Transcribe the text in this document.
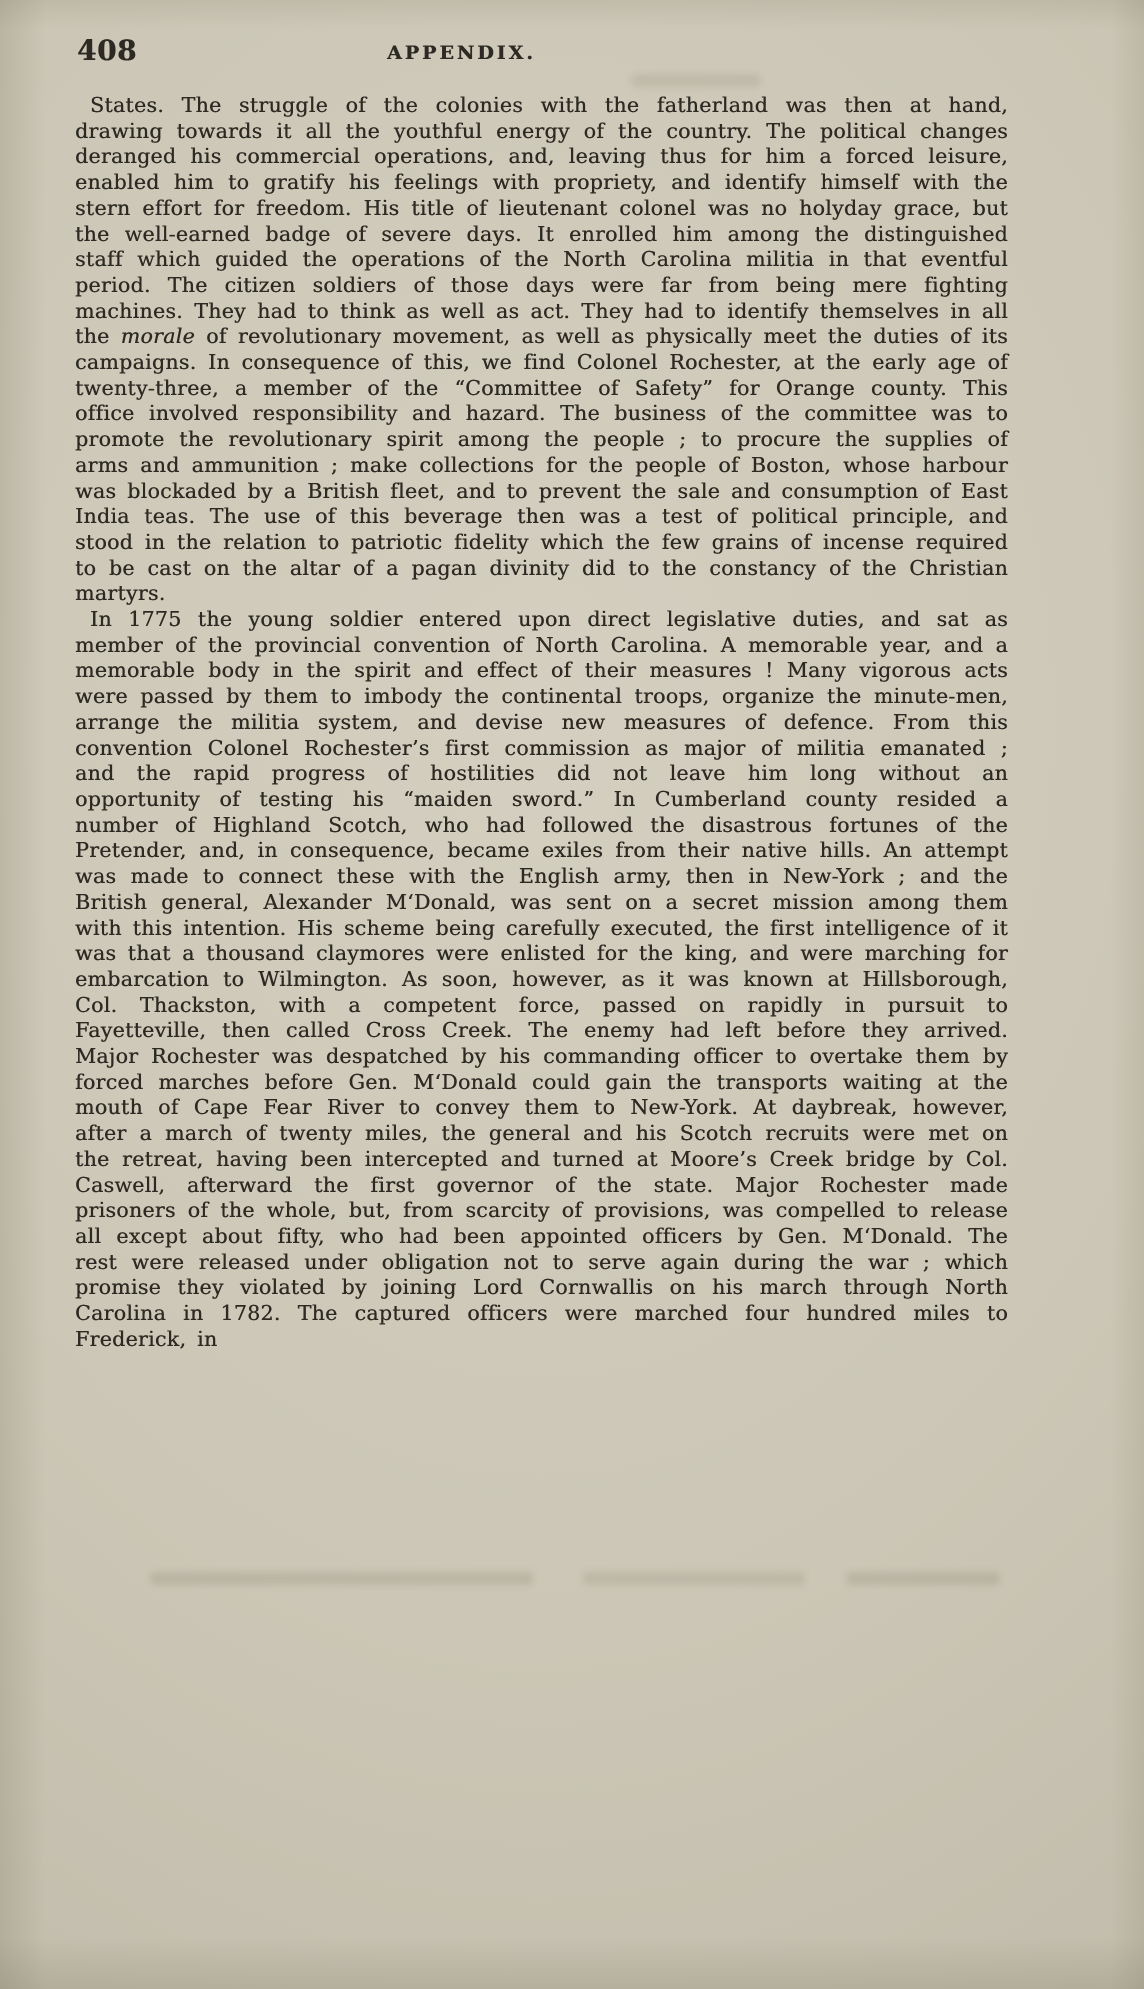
408	APPENDIX.

States. The struggle of the colonies with the fatherland was then at hand, drawing towards it all the youthful energy of the country. The political changes deranged his commercial operations, and, leaving thus for him a forced leisure, enabled him to gratify his feelings with propriety, and identify himself with the stern effort for freedom. His title of lieutenant colonel was no holyday grace, but the well-earned badge of severe days. It enrolled him among the distinguished staff which guided the operations of the North Carolina militia in that eventful period. The citizen soldiers of those days were far from being mere fighting machines. They had to think as well as act. They had to identify themselves in all the morale of revolutionary movement, as well as physically meet the duties of its campaigns. In consequence of this, we find Colonel Rochester, at the early age of twenty-three, a member of the “Committee of Safety” for Orange county. This office involved responsibility and hazard. The business of the committee was to promote the revolutionary spirit among the people ; to procure the supplies of arms and ammunition ; make collections for the people of Boston, whose harbour was blockaded by a British fleet, and to prevent the sale and consumption of East India teas. The use of this beverage then was a test of political principle, and stood in the relation to patriotic fidelity which the few grains of incense required to be cast on the altar of a pagan divinity did to the constancy of the Christian martyrs.

In 1775 the young soldier entered upon direct legislative duties, and sat as member of the provincial convention of North Carolina. A memorable year, and a memorable body in the spirit and effect of their measures ! Many vigorous acts were passed by them to imbody the continental troops, organize the minute-men, arrange the militia system, and devise new measures of defence. From this convention Colonel Rochester’s first commission as major of militia emanated ; and the rapid progress of hostilities did not leave him long without an opportunity of testing his “maiden sword.” In Cumberland county resided a number of Highland Scotch, who had followed the disastrous fortunes of the Pretender, and, in consequence, became exiles from their native hills. An attempt was made to connect these with the English army, then in New-York ; and the British general, Alexander M‘Donald, was sent on a secret mission among them with this intention. His scheme being carefully executed, the first intelligence of it was that a thousand claymores were enlisted for the king, and were marching for embarcation to Wilmington. As soon, however, as it was known at Hillsborough, Col. Thackston, with a competent force, passed on rapidly in pursuit to Fayetteville, then called Cross Creek. The enemy had left before they arrived. Major Rochester was despatched by his commanding officer to overtake them by forced marches before Gen. M‘Donald could gain the transports waiting at the mouth of Cape Fear River to convey them to New-York. At daybreak, however, after a march of twenty miles, the general and his Scotch recruits were met on the retreat, having been intercepted and turned at Moore’s Creek bridge by Col. Caswell, afterward the first governor of the state. Major Rochester made prisoners of the whole, but, from scarcity of provisions, was compelled to release all except about fifty, who had been appointed officers by Gen. M‘Donald. The rest were released under obligation not to serve again during the war ; which promise they violated by joining Lord Cornwallis on his march through North Carolina in 1782. The captured officers were marched four hundred miles to Frederick, in
